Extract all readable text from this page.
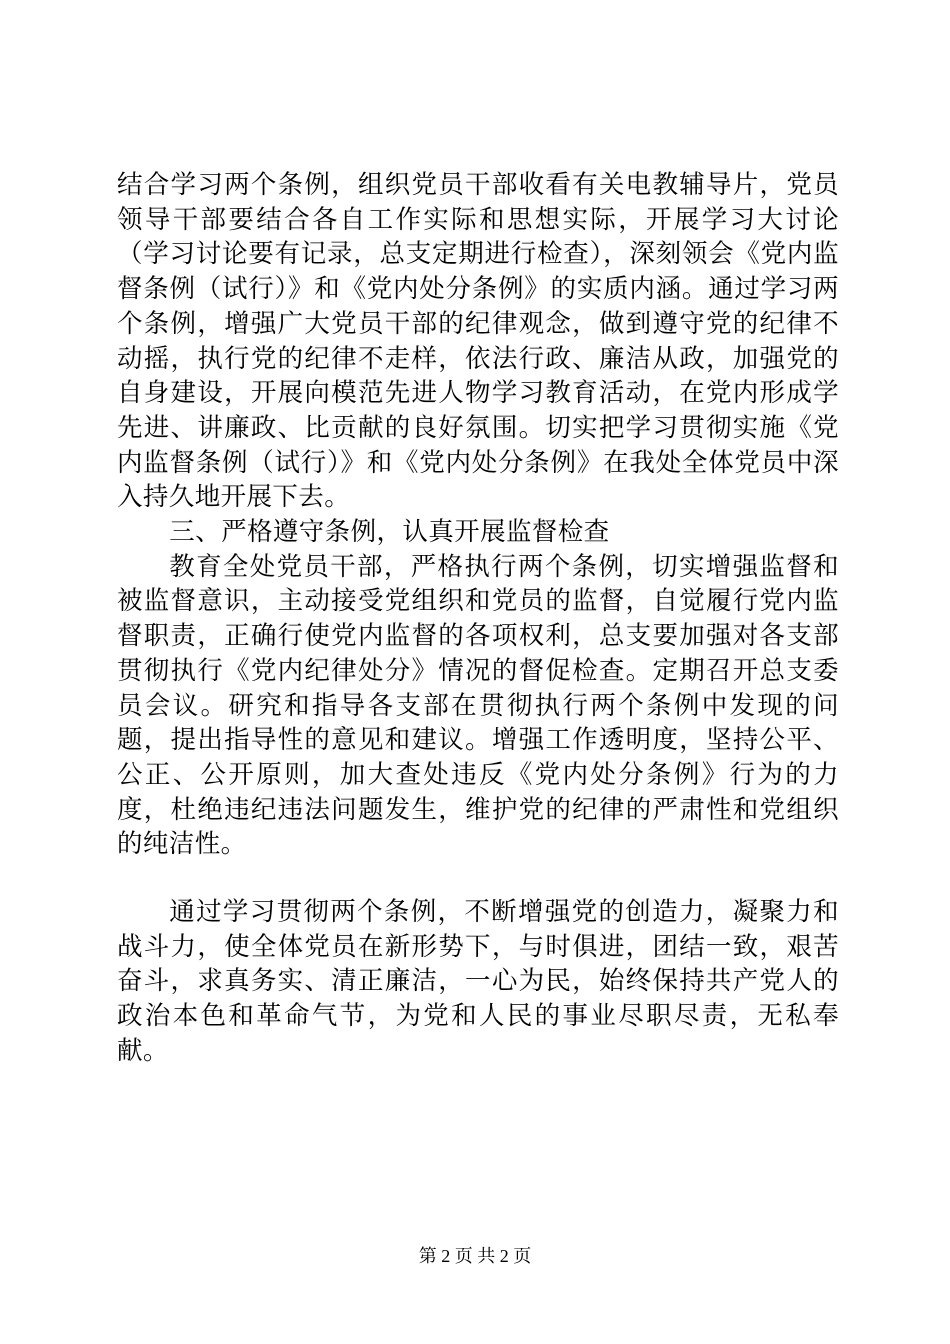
结合学习两个条例，组织党员干部收看有关电教辅导片，党员领导干部要结合各自工作实际和思想实际，开展学习大讨论（学习讨论要有记录，总支定期进行检查），深刻领会《党内监督条例（试行）》和《党内处分条例》的实质内涵。通过学习两个条例，增强广大党员干部的纪律观念，做到遵守党的纪律不动摇，执行党的纪律不走样，依法行政、廉洁从政，加强党的自身建设，开展向模范先进人物学习教育活动，在党内形成学先进、讲廉政、比贡献的良好氛围。切实把学习贯彻实施《党内监督条例（试行）》和《党内处分条例》在我处全体党员中深入持久地开展下去。

三、严格遵守条例，认真开展监督检查

教育全处党员干部，严格执行两个条例，切实增强监督和被监督意识，主动接受党组织和党员的监督，自觉履行党内监督职责，正确行使党内监督的各项权利，总支要加强对各支部贯彻执行《党内纪律处分》情况的督促检查。定期召开总支委员会议。研究和指导各支部在贯彻执行两个条例中发现的问题，提出指导性的意见和建议。增强工作透明度，坚持公平、公正、公开原则，加大查处违反《党内处分条例》行为的力度，杜绝违纪违法问题发生，维护党的纪律的严肃性和党组织的纯洁性。

通过学习贯彻两个条例，不断增强党的创造力，凝聚力和战斗力，使全体党员在新形势下，与时俱进，团结一致，艰苦奋斗，求真务实、清正廉洁，一心为民，始终保持共产党人的政治本色和革命气节，为党和人民的事业尽职尽责，无私奉献。

第 2 页 共 2 页
